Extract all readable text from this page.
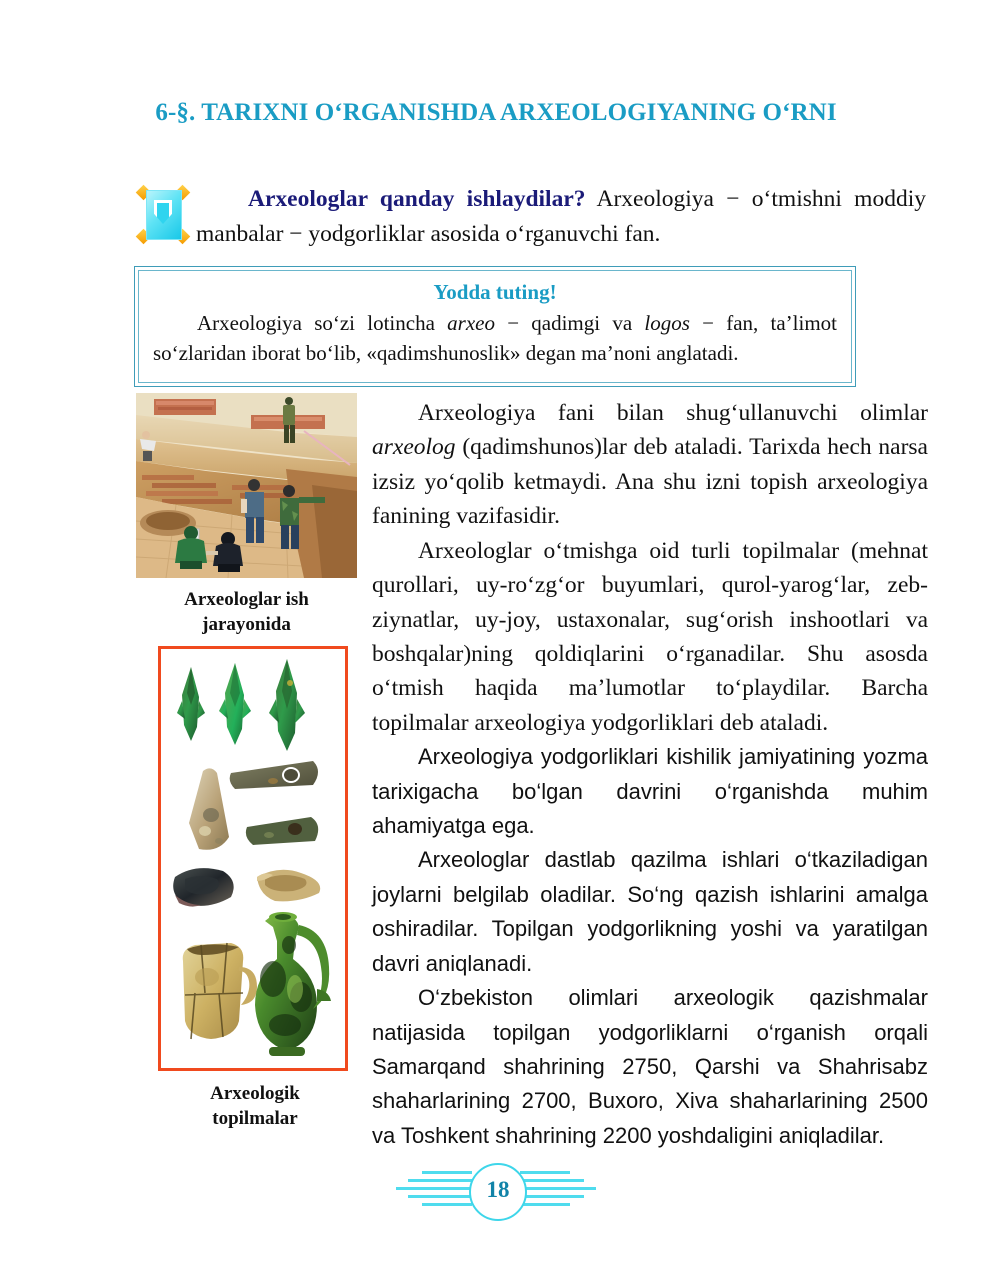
6-§. TARIXNI O‘RGANISHDA ARXEOLOGIYANING O‘RNI
Arxeologlar qanday ishlaydilar? Arxeologiya − o‘tmishni moddiy manbalar − yodgorliklar asosida o‘rganuvchi fan.
Yodda tuting!
Arxeologiya so‘zi lotincha arxeo − qadimgi va logos − fan, ta’limot so‘zlaridan iborat bo‘lib, «qadimshunoslik» degan ma’noni anglatadi.
Arxeologlar ish
jarayonida
Arxeologik
topilmalar

Arxeologiya fani bilan shug‘ullanuvchi olimlar arxeolog (qadimshunos)lar deb ataladi. Tarixda hech narsa izsiz yo‘qolib ketmaydi. Ana shu izni topish arxeologiya fanining vazifasidir.

Arxeologlar o‘tmishga oid turli topilmalar (mehnat qurollari, uy-ro‘zg‘or buyumlari, qurol-yarog‘lar, zeb-ziynatlar, uy-joy, ustaxonalar, sug‘orish inshootlari va boshqalar)ning qoldiqlarini o‘rganadilar. Shu asosda o‘tmish haqida ma’lumotlar to‘playdilar. Barcha topilmalar arxeologiya yodgorliklari deb ataladi.

Arxeologiya yodgorliklari kishilik jamiyatining yozma tarixigacha bo‘lgan davrini o‘rganishda muhim ahamiyatga ega.

Arxeologlar dastlab qazilma ishlari o‘tkaziladigan joylarni belgilab oladilar. So‘ng qazish ishlarini amalga oshiradilar. Topilgan yodgorlikning yoshi va yaratilgan davri aniqlanadi.

O‘zbekiston olimlari arxeologik qazishmalar natijasida topilgan yodgorliklarni o‘rganish orqali Samarqand shahrining 2750, Qarshi va Shahrisabz shaharlarining 2700, Buxoro, Xiva shaharlarining 2500 va Toshkent shahrining 2200 yoshdaligini aniqladilar.

18
